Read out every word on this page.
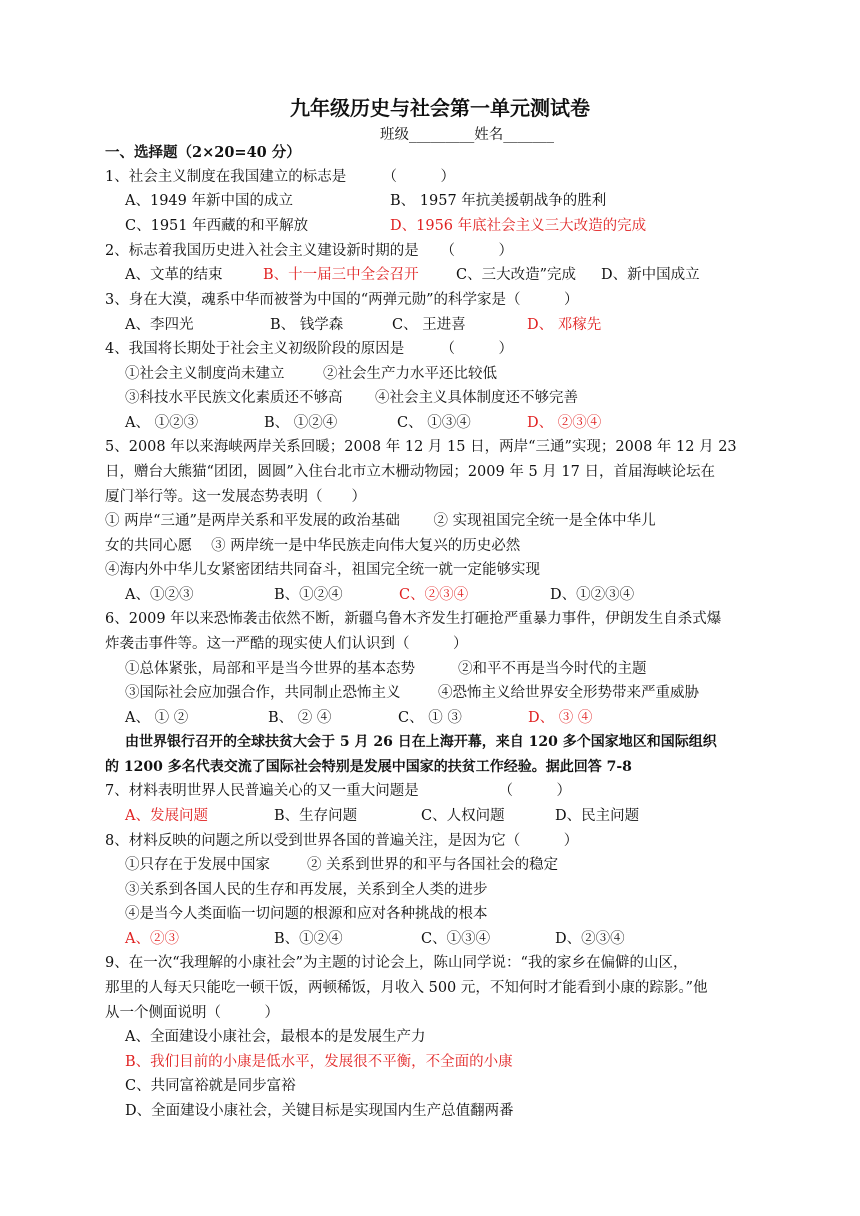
九年级历史与社会第一单元测试卷
班级_________姓名_______
一、选择题（2×20=40 分）
1、社会主义制度在我国建立的标志是　　　（　　　）
A、1949 年新中国的成立	B、 1957 年抗美援朝战争的胜利
C、1951 年西藏的和平解放	D、1956 年底社会主义三大改造的完成
2、标志着我国历史进入社会主义建设新时期的是　　（　　　）
A、文革的结束	B、十一届三中全会召开	C、三大改造”完成 D、新中国成立
3、身在大漠，魂系中华而被誉为中国的“两弹元勋”的科学家是（　　　）
A、李四光	B、 钱学森	C、 王进喜	D、 邓稼先
4、我国将长期处于社会主义初级阶段的原因是　　　（　　　）
①社会主义制度尚未建立	②社会生产力水平还比较低
③科技水平民族文化素质还不够高 ④社会主义具体制度还不够完善
A、 ①②③	B、 ①②④	C、 ①③④	D、 ②③④
5、2008 年以来海峡两岸关系回暖；2008 年 12 月 15 日，两岸“三通”实现；2008 年 12 月 23
日，赠台大熊猫“团团，圆圆”入住台北市立木栅动物园；2009 年 5 月 17 日，首届海峡论坛在
厦门举行等。这一发展态势表明（　　）
① 两岸“三通”是两岸关系和平发展的政治基础　　 ② 实现祖国完全统一是全体中华儿
女的共同心愿　 ③ 两岸统一是中华民族走向伟大复兴的历史必然
④海内外中华儿女紧密团结共同奋斗，祖国完全统一就一定能够实现
A、①②③	B、①②④	C、②③④	D、①②③④
6、2009 年以来恐怖袭击依然不断，新疆乌鲁木齐发生打砸抢严重暴力事件，伊朗发生自杀式爆
炸袭击事件等。这一严酷的现实使人们认识到（　　　）
①总体紧张，局部和平是当今世界的基本态势	②和平不再是当今时代的主题
③国际社会应加强合作，共同制止恐怖主义	④恐怖主义给世界安全形势带来严重威胁
A、 ① ②	B、 ② ④	C、 ① ③	D、 ③ ④
由世界银行召开的全球扶贫大会于 5 月 26 日在上海开幕，来自 120 多个国家地区和国际组织
的 1200 多名代表交流了国际社会特别是发展中国家的扶贫工作经验。据此回答 7-8
7、材料表明世界人民普遍关心的又一重大问题是　　　　　　（　　　）
A、发展问题	B、生存问题	C、人权问题	D、民主问题
8、材料反映的问题之所以受到世界各国的普遍关注，是因为它（　　　）
①只存在于发展中国家	② 关系到世界的和平与各国社会的稳定
③关系到各国人民的生存和再发展，关系到全人类的进步
④是当今人类面临一切问题的根源和应对各种挑战的根本
A、②③	B、①②④	C、①③④	D、②③④
9、在一次“我理解的小康社会”为主题的讨论会上，陈山同学说：“我的家乡在偏僻的山区，
那里的人每天只能吃一顿干饭，两顿稀饭，月收入 500 元，不知何时才能看到小康的踪影。”他
从一个侧面说明（　　　）
A、全面建设小康社会，最根本的是发展生产力
B、我们目前的小康是低水平，发展很不平衡，不全面的小康
C、共同富裕就是同步富裕
D、全面建设小康社会，关键目标是实现国内生产总值翻两番
